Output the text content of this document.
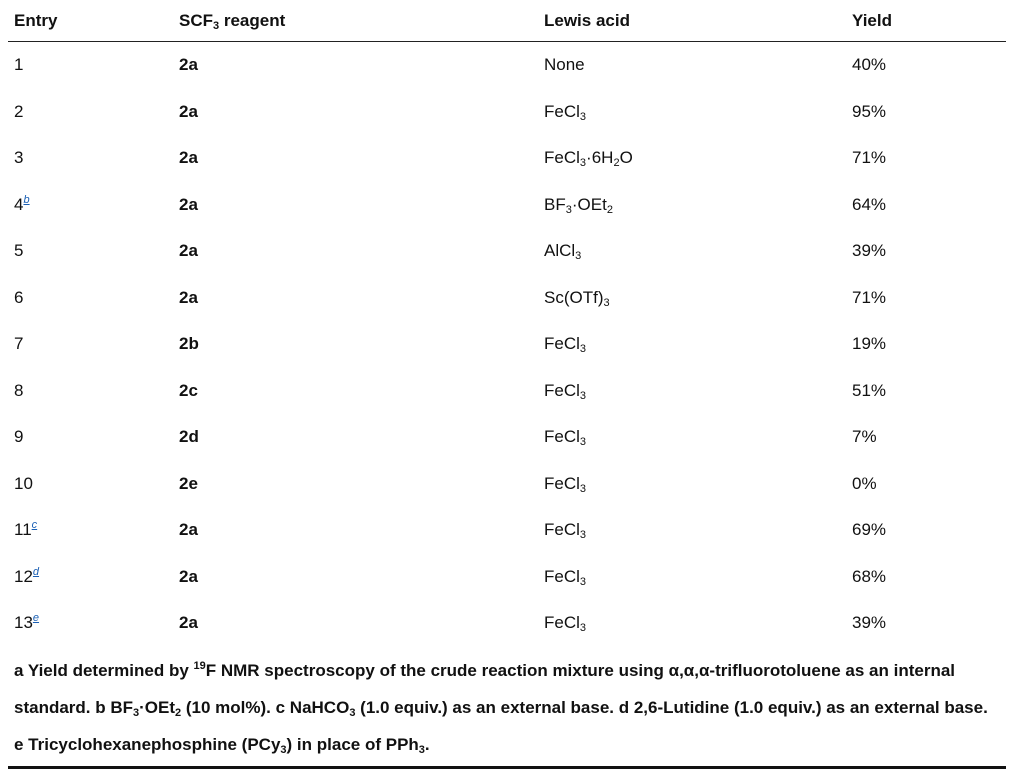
Entry	$SCF_3$ reagent	Lewis acid	Yield
1	2a	None	40%
2	2a	FeCl$_3$	95%
3	2a	$FeCl_3\cdot 6H_2O$	71%
4$^b$	2a	$BF_3\cdot OEt_2$	64%
5	2a	AlCl$_3$	39%
6	2a	$Sc(OTf)_3$	71%
7	2b	FeCl$_3$	19%
8	2c	FeCl$_3$	51%
9	2d	FeCl$_3$	7%
10	2e	FeCl$_3$	0%
11$^c$	2a	FeCl$_3$	69%
12$^d$	2a	FeCl$_3$	68%
13e	2a	FeCl$_3$	39%
a Yield determined by $^{19}$F NMR spectroscopy of the crude reaction mixture using α,α,α-trifluorotoluene as an internal standard. b $BF_3\cdot OEt_2$ (10 mol%). c NaHCO$_3$ (1.0 equiv.) as an external base. d 2,6-Lutidine (1.0 equiv.) as an external base. e Tricyclohexanephosphine (PCy$_3$) in place of PPh$_3$.
